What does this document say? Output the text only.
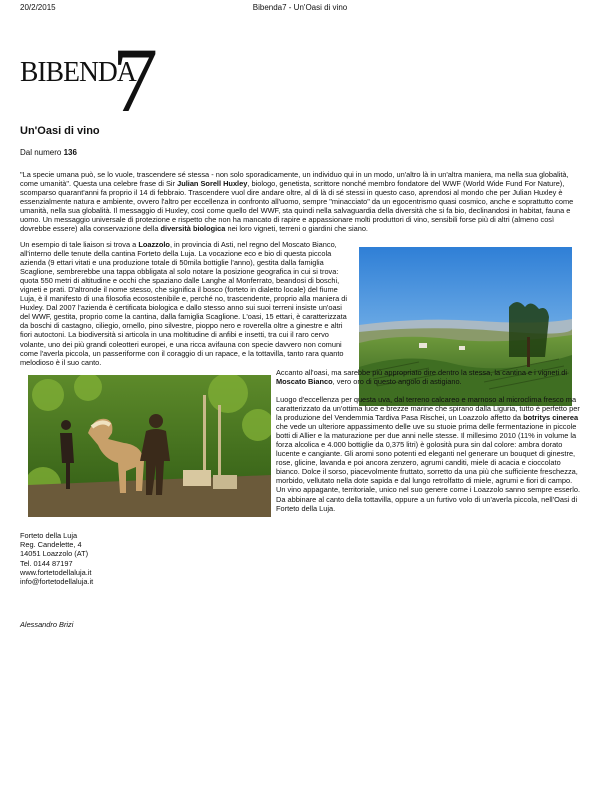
20/2/2015	Bibenda7 - Un'Oasi di vino
BIBENDA
7
Un'Oasi di vino
Dal numero 136
"La specie umana può, se lo vuole, trascendere sé stessa - non solo sporadicamente, un individuo qui in un modo, un'altro là in un'altra maniera, ma nella sua globalità, come umanità". Questa una celebre frase di Sir Julian Sorell Huxley, biologo, genetista, scrittore nonché membro fondatore del WWF (World Wide Fund For Nature), scomparso quarant'anni fa proprio il 14 di febbraio. Trascendere vuol dire andare oltre, al di là di sé stessi in questo caso, aprendosi al mondo che per Julian Huxley è essenzialmente natura e ambiente, ovvero l'altro per eccellenza in confronto all'uomo, sempre "minacciato" da un egocentrismo quasi cosmico, anche e soprattutto come umanità, nella sua globalità. Il messaggio di Huxley, così come quello del WWF, sta quindi nella salvaguardia della diversità che si fa bio, declinandosi in habitat, fauna e uomo. Un messaggio universale di protezione e rispetto che non ha mancato di rapire e appassionare molti produttori di vino, sensibili forse più di altri (almeno così dovrebbe essere) alla conservazione della diversità biologica nei loro vigneti, terreni o giardini che siano.
Un esempio di tale liaison si trova a Loazzolo, in provincia di Asti, nel regno del Moscato Bianco, all'interno delle tenute della cantina Forteto della Luja. La vocazione eco e bio di questa piccola azienda (9 ettari vitati e una produzione totale di 50mila bottiglie l'anno), gestita dalla famiglia Scaglione, sembrerebbe una tappa obbligata al solo notare la posizione geografica in cui si trova: quota 550 metri di altitudine e occhi che spaziano dalle Langhe al Monferrato, beandosi di boschi, vigneti e prati. D'altronde il nome stesso, che significa il bosco (forteto in dialetto locale) del fiume Luja, è il manifesto di una filosofia ecosostenibile e, perché no, trascendente, proprio alla maniera di Huxley. Dal 2007 l'azienda è certificata biologica e dallo stesso anno sui suoi terreni insiste un'oasi del WWF, gestita, proprio come la cantina, dalla famiglia Scaglione. L'oasi, 15 ettari, è caratterizzata da boschi di castagno, ciliegio, ornello, pino silvestre, pioppo nero e roverella oltre a ginestre e altri fiori autoctoni. La biodiversità si articola in una moltitudine di anfibi e insetti, tra cui il raro cervo volante, uno dei più grandi coleotteri europei, e una ricca avifauna con specie davvero non comuni come l'averla piccola, un passeriforme con il coraggio di un rapace, e la tottavilla, tanto rara quanto melodioso è il suo canto.
Accanto all'oasi, ma sarebbe più appropriato dire dentro la stessa, la cantina e i vigneti di Moscato Bianco, vero oro di questo angolo di astigiano.
Luogo d'eccellenza per questa uva, dal terreno calcareo e marnoso al microclima fresco ma caratterizzato da un'ottima luce e brezze marine che spirano dalla Liguria, tutto è perfetto per la produzione del Vendemmia Tardiva Pasa Rischei, un Loazzolo affetto da botritys cinerea che vede un ulteriore appassimento delle uve su stuoie prima delle fermentazione in piccole botti di Allier e la maturazione per due anni nelle stesse. Il millesimo 2010 (11% in volume la forza alcolica e 4.000 bottiglie da 0,375 litri) è golosità pura sin dal colore: ambra dorato lucente e cangiante. Gli aromi sono potenti ed eleganti nel generare un bouquet di ginestre, rose, glicine, lavanda e poi ancora zenzero, agrumi canditi, miele di acacia e cioccolato bianco. Dolce il sorso, piacevolmente fruttato, sorretto da una più che sufficiente freschezza, morbido, vellutato nella dote sapida e dal lungo retrolfatto di miele, agrumi e fiori di campo. Un vino appagante, territoriale, unico nel suo genere come i Loazzolo sanno sempre esserlo. Da abbinare al canto della tottavilla, oppure a un furtivo volo di un'averla piccola, nell'Oasi di Forteto della Luja.
Forteto della Luja
Reg. Candelette, 4
14051 Loazzolo (AT)
Tel. 0144 87197
www.fortetodellaluja.it
info@fortetodellaluja.it
Alessandro Brizi
